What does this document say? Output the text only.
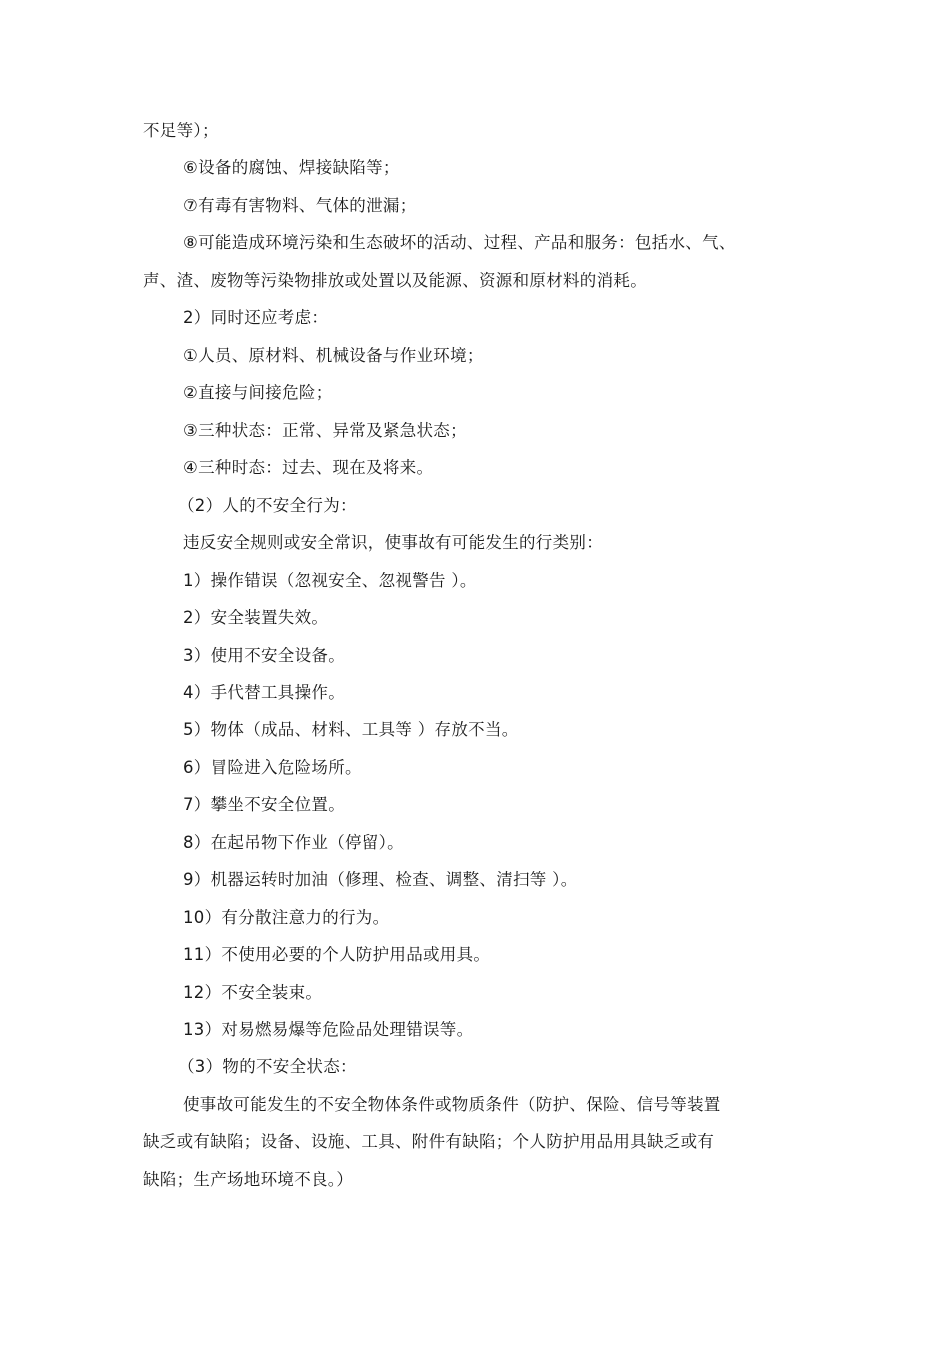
不足等）；
⑥设备的腐蚀、焊接缺陷等；
⑦有毒有害物料、气体的泄漏；
⑧可能造成环境污染和生态破坏的活动、过程、产品和服务：包括水、气、
声、渣、废物等污染物排放或处置以及能源、资源和原材料的消耗。
2）同时还应考虑：
①人员、原材料、机械设备与作业环境；
②直接与间接危险；
③三种状态：正常、异常及紧急状态；
④三种时态：过去、现在及将来。
（2）人的不安全行为：
违反安全规则或安全常识，使事故有可能发生的行类别：
1）操作错误（忽视安全、忽视警告 ）。
2）安全装置失效。
3）使用不安全设备。
4）手代替工具操作。
5）物体（成品、材料、工具等 ）存放不当。
6）冒险进入危险场所。
7）攀坐不安全位置。
8）在起吊物下作业（停留）。
9）机器运转时加油（修理、检查、调整、清扫等 ）。
10）有分散注意力的行为。
11）不使用必要的个人防护用品或用具。
12）不安全装束。
13）对易燃易爆等危险品处理错误等。
（3）物的不安全状态：
使事故可能发生的不安全物体条件或物质条件（防护、保险、信号等装置
缺乏或有缺陷；设备、设施、工具、附件有缺陷；个人防护用品用具缺乏或有
缺陷；生产场地环境不良。）
